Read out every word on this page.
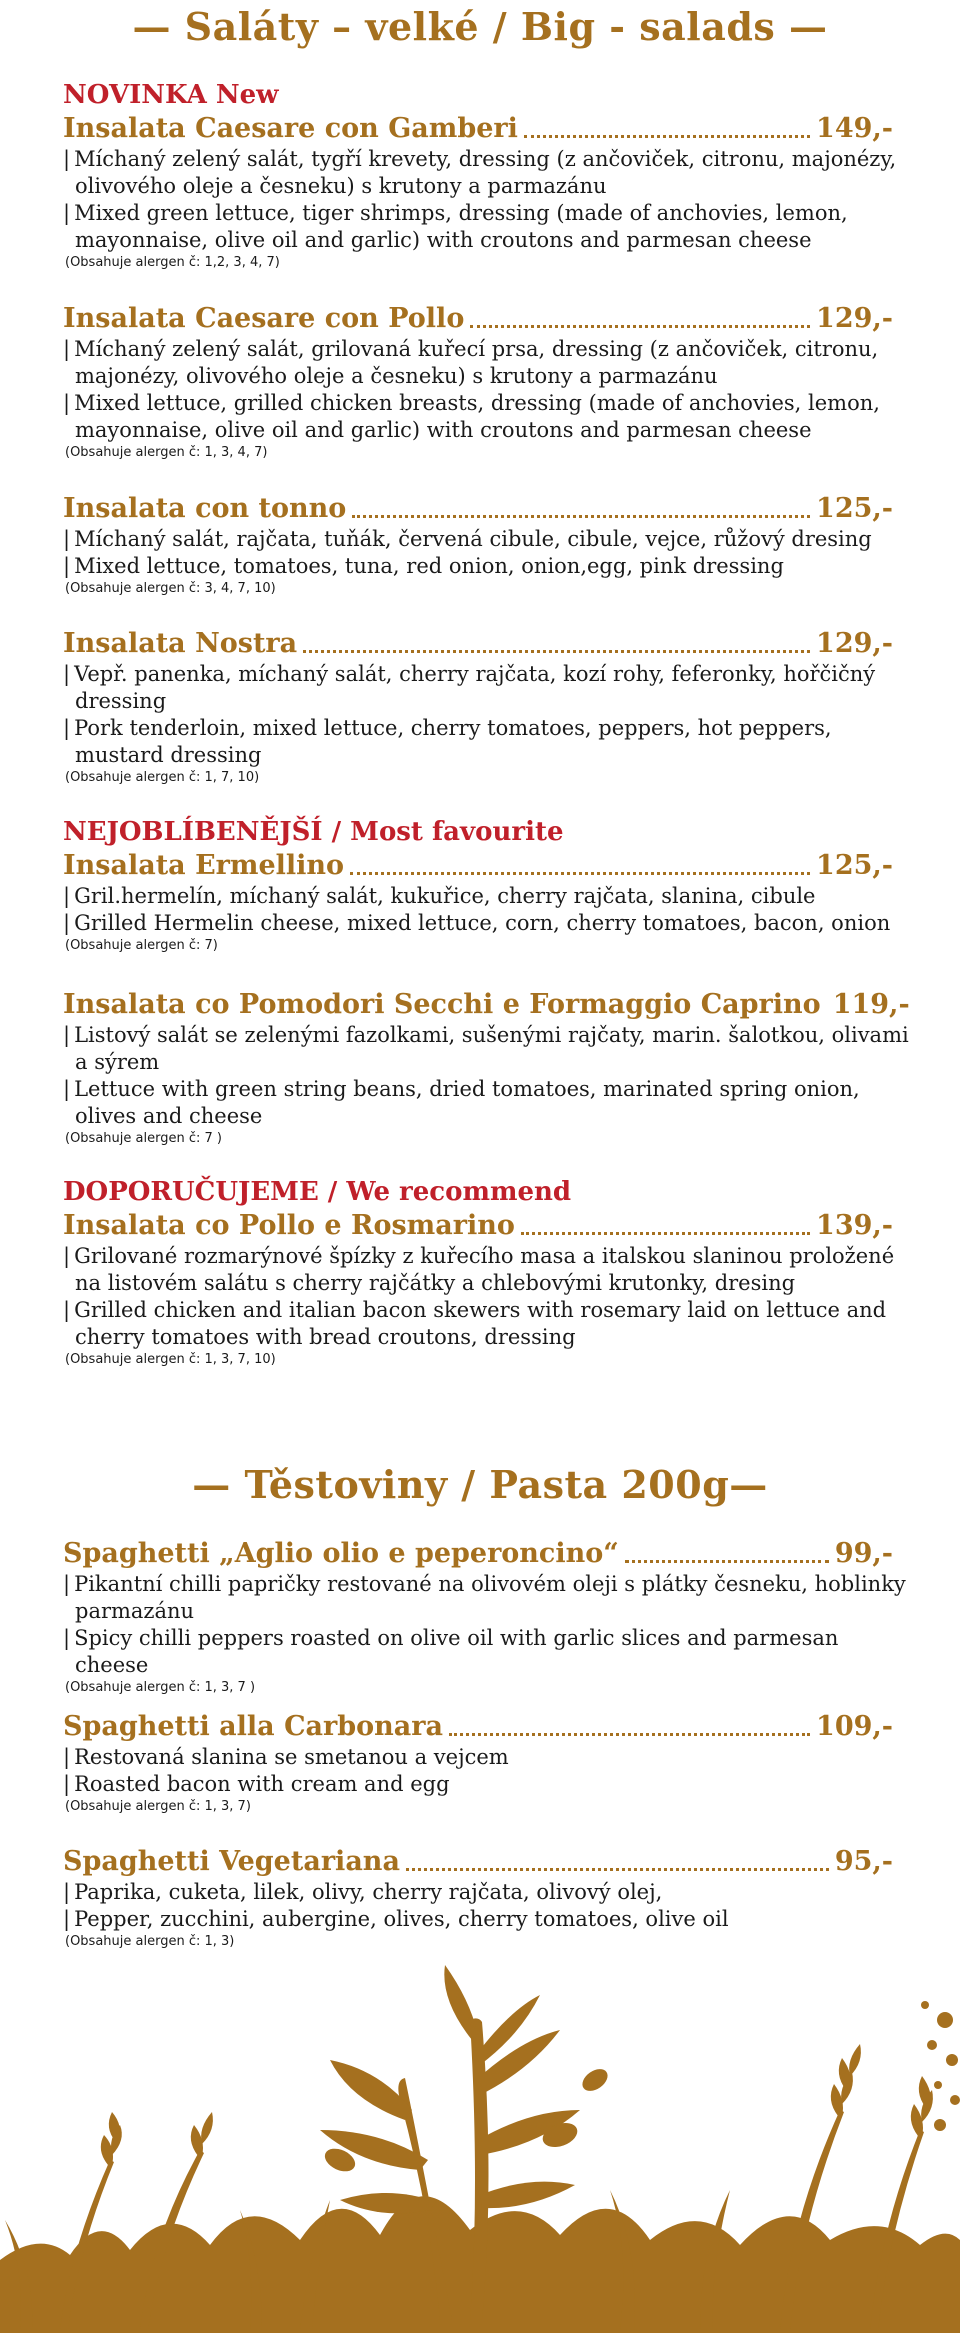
— Saláty – velké / Big - salads —
NOVINKA New
Insalata Caesare con Gamberi	149,-
| Míchaný zelený salát, tygří krevety, dressing (z ančoviček, citronu, majonézy, olivového oleje a česneku) s krutony a parmazánu
| Mixed green lettuce, tiger shrimps, dressing (made of anchovies, lemon, mayonnaise, olive oil and garlic) with croutons and parmesan cheese
(Obsahuje alergen č: 1,2, 3, 4, 7)
Insalata Caesare con Pollo	129,-
| Míchaný zelený salát, grilovaná kuřecí prsa, dressing (z ančoviček, citronu, majonézy, olivového oleje a česneku) s krutony a parmazánu
| Mixed lettuce, grilled chicken breasts, dressing (made of anchovies, lemon, mayonnaise, olive oil and garlic) with croutons and parmesan cheese
(Obsahuje alergen č: 1, 3, 4, 7)
Insalata con tonno	125,-
| Míchaný salát, rajčata, tuňák, červená cibule, cibule, vejce, růžový dresing
| Mixed lettuce, tomatoes, tuna, red onion, onion,egg, pink dressing
(Obsahuje alergen č: 3, 4, 7, 10)
Insalata Nostra	129,-
| Vepř. panenka, míchaný salát, cherry rajčata, kozí rohy, feferonky, hořčičný dressing
| Pork tenderloin, mixed lettuce, cherry tomatoes, peppers, hot peppers, mustard dressing
(Obsahuje alergen č: 1, 7, 10)
NEJOBLÍBENĚJŠÍ / Most favourite
Insalata Ermellino	125,-
| Gril.hermelín, míchaný salát, kukuřice, cherry rajčata, slanina, cibule
| Grilled Hermelin cheese, mixed lettuce, corn, cherry tomatoes, bacon, onion
(Obsahuje alergen č: 7)
Insalata co Pomodori Secchi e Formaggio Caprino 119,-
| Listový salát se zelenými fazolkami, sušenými rajčaty, marin. šalotkou, olivami a sýrem
| Lettuce with green string beans, dried tomatoes, marinated spring onion, olives and cheese
(Obsahuje alergen č: 7 )
DOPORUČUJEME / We recommend
Insalata co Pollo e Rosmarino	139,-
| Grilované rozmarýnové špízky z kuřecího masa a italskou slaninou proložené na listovém salátu s cherry rajčátky a chlebovými krutonky, dresing
| Grilled chicken and italian bacon skewers with rosemary laid on lettuce and cherry tomatoes with bread croutons, dressing
(Obsahuje alergen č: 1, 3, 7, 10)
— Těstoviny / Pasta 200g—
Spaghetti „Aglio olio e peperoncino“	99,-
| Pikantní chilli papričky restované na olivovém oleji s plátky česneku, hoblinky parmazánu
| Spicy chilli peppers roasted on olive oil with garlic slices and parmesan cheese
(Obsahuje alergen č: 1, 3, 7 )
Spaghetti alla Carbonara	109,-
| Restovaná slanina se smetanou a vejcem
| Roasted bacon with cream and egg
(Obsahuje alergen č: 1, 3, 7)
Spaghetti Vegetariana	95,-
| Paprika, cuketa, lilek, olivy, cherry rajčata, olivový olej,
| Pepper, zucchini, aubergine, olives, cherry tomatoes, olive oil
(Obsahuje alergen č: 1, 3)
